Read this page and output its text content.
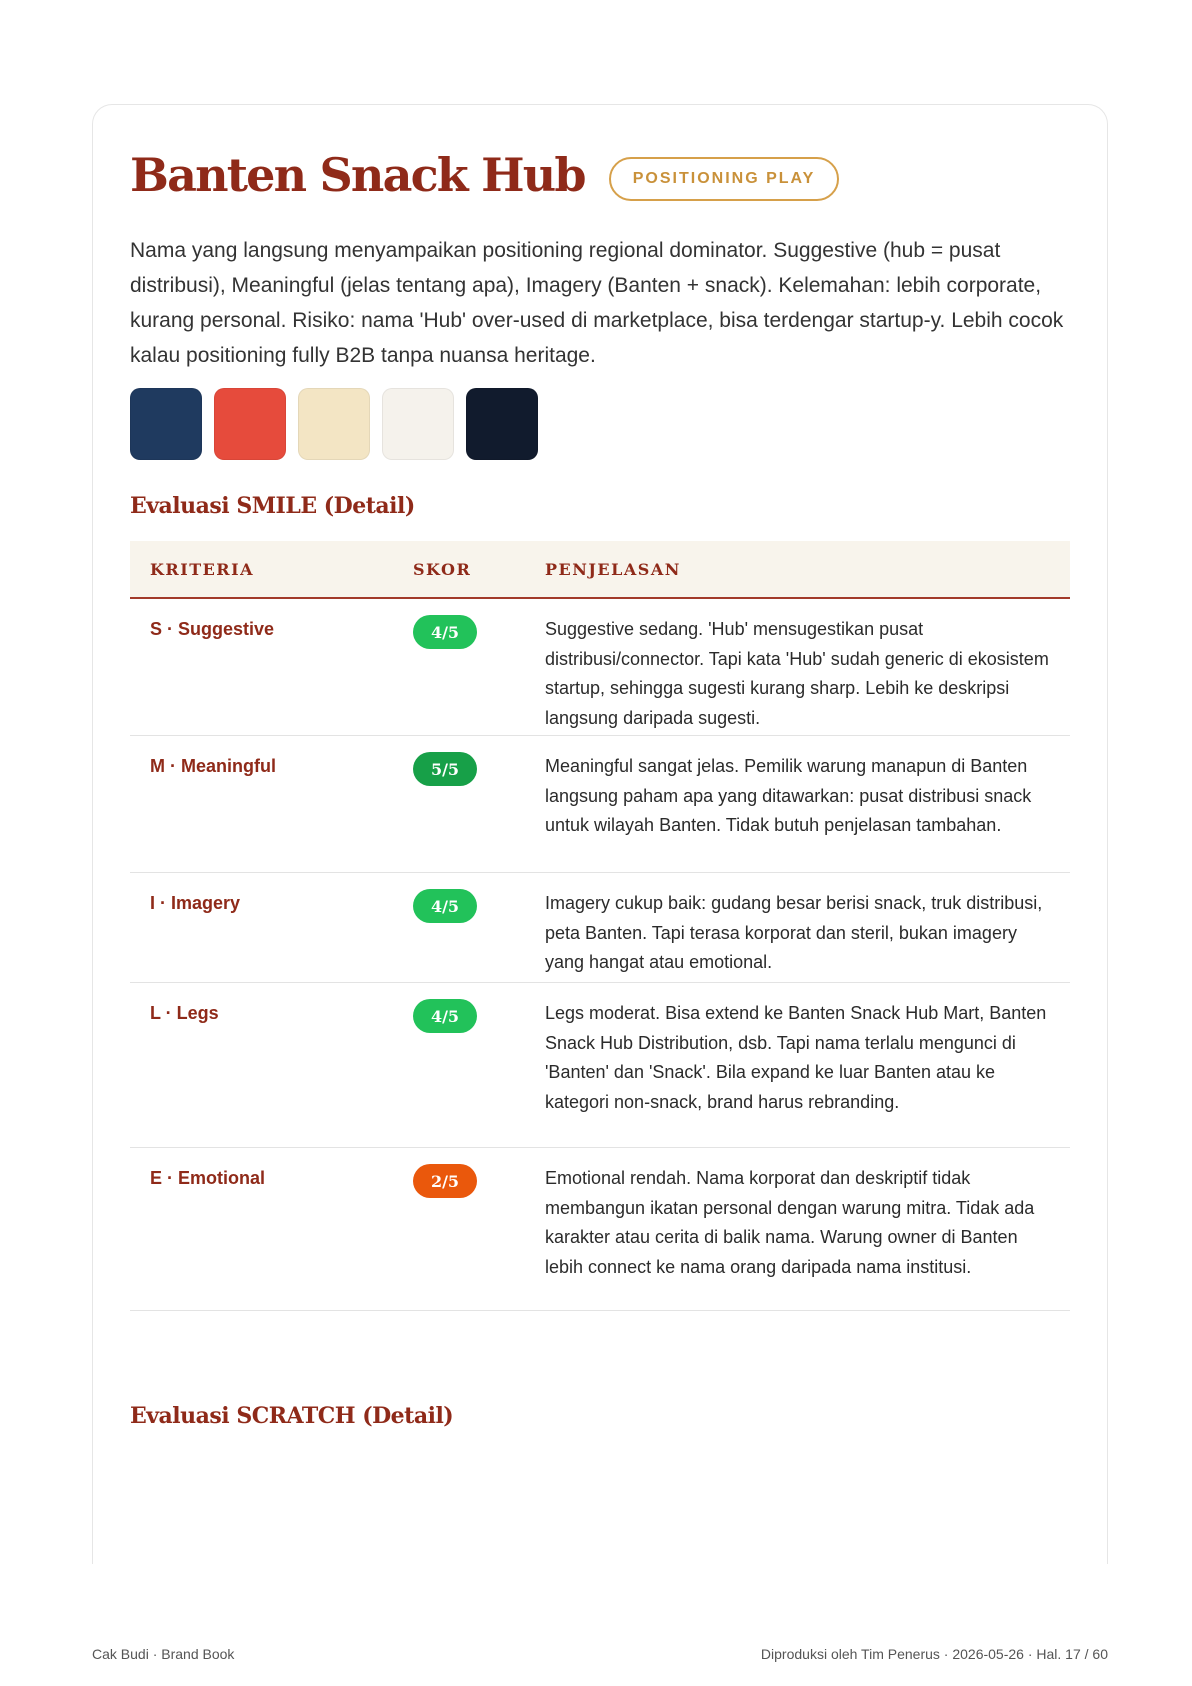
Banten Snack Hub	POSITIONING PLAY

Nama yang langsung menyampaikan positioning regional dominator. Suggestive (hub = pusat distribusi), Meaningful (jelas tentang apa), Imagery (Banten + snack). Kelemahan: lebih corporate, kurang personal. Risiko: nama 'Hub' over-used di marketplace, bisa terdengar startup-y. Lebih cocok kalau positioning fully B2B tanpa nuansa heritage.

Evaluasi SMILE (Detail)
KRITERIA	SKOR	PENJELASAN
S · Suggestive	4/5	Suggestive sedang. 'Hub' mensugestikan pusat distribusi/connector. Tapi kata 'Hub' sudah generic di ekosistem startup, sehingga sugesti kurang sharp. Lebih ke deskripsi langsung daripada sugesti.

M · Meaningful	5/5	Meaningful sangat jelas. Pemilik warung manapun di Banten langsung paham apa yang ditawarkan: pusat distribusi snack untuk wilayah Banten. Tidak butuh penjelasan tambahan.

I · Imagery	4/5	Imagery cukup baik: gudang besar berisi snack, truk distribusi, peta Banten. Tapi terasa korporat dan steril, bukan imagery yang hangat atau emotional.

L · Legs	4/5	Legs moderat. Bisa extend ke Banten Snack Hub Mart, Banten Snack Hub Distribution, dsb. Tapi nama terlalu mengunci di 'Banten' dan 'Snack'. Bila expand ke luar Banten atau ke kategori non-snack, brand harus rebranding.

E · Emotional	2/5	Emotional rendah. Nama korporat dan deskriptif tidak membangun ikatan personal dengan warung mitra. Tidak ada karakter atau cerita di balik nama. Warung owner di Banten lebih connect ke nama orang daripada nama institusi.

Evaluasi SCRATCH (Detail)
Cak Budi · Brand Book	Diproduksi oleh Tim Penerus · 2026-05-26 · Hal. 17 / 60
